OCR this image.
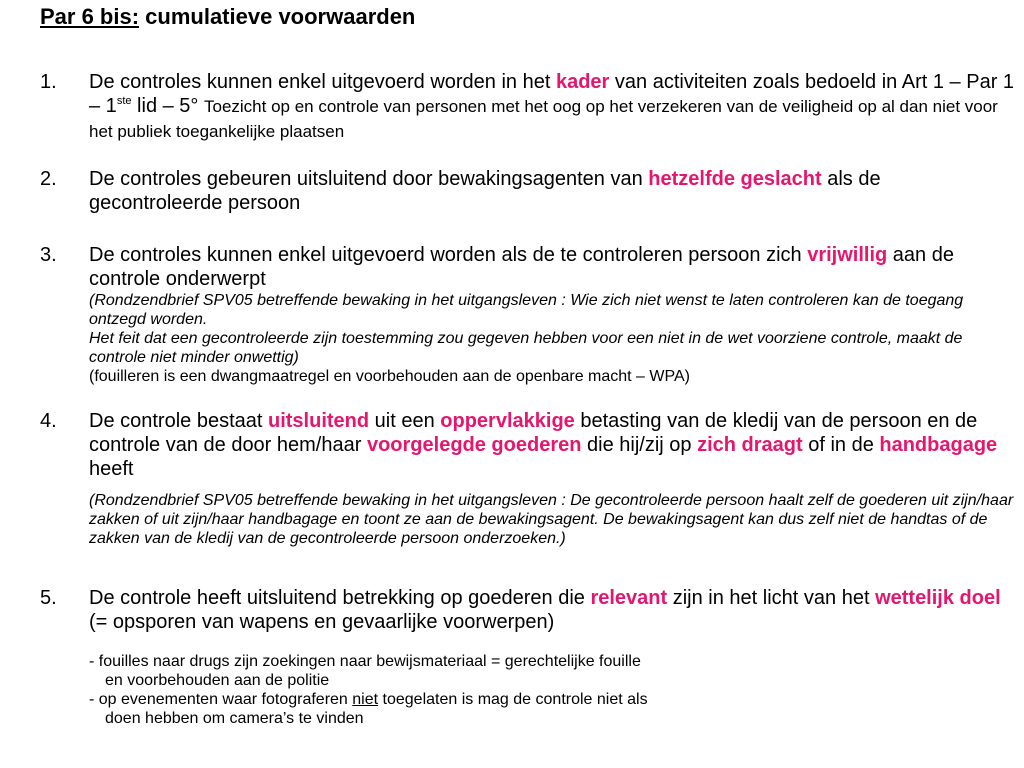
Par 6 bis: cumulatieve voorwaarden
1. De controles kunnen enkel uitgevoerd worden in het kader van activiteiten zoals bedoeld in Art 1 – Par 1 – 1ste lid – 5° Toezicht op en controle van personen met het oog op het verzekeren van de veiligheid op al dan niet voor het publiek toegankelijke plaatsen

2. De controles gebeuren uitsluitend door bewakingsagenten van hetzelfde geslacht als de gecontroleerde persoon

3. De controles kunnen enkel uitgevoerd worden als de te controleren persoon zich vrijwillig aan de controle onderwerpt

(Rondzendbrief SPV05 betreffende bewaking in het uitgangsleven : Wie zich niet wenst te laten controleren kan de toegang ontzegd worden.

Het feit dat een gecontroleerde zijn toestemming zou gegeven hebben voor een niet in de wet voorziene controle, maakt de controle niet minder onwettig)

(fouilleren is een dwangmaatregel en voorbehouden aan de openbare macht – WPA)

4. De controle bestaat uitsluitend uit een oppervlakkige betasting van de kledij van de persoon en de controle van de door hem/haar voorgelegde goederen die hij/zij op zich draagt of in de handbagage heeft

(Rondzendbrief SPV05 betreffende bewaking in het uitgangsleven : De gecontroleerde persoon haalt zelf de goederen uit zijn/haar zakken of uit zijn/haar handbagage en toont ze aan de bewakingsagent. De bewakingsagent kan dus zelf niet de handtas of de zakken van de kledij van de gecontroleerde persoon onderzoeken.)

5. De controle heeft uitsluitend betrekking op goederen die relevant zijn in het licht van het wettelijk doel (= opsporen van wapens en gevaarlijke voorwerpen)

- fouilles naar drugs zijn zoekingen naar bewijsmateriaal = gerechtelijke fouille
en voorbehouden aan de politie
- op evenementen waar fotograferen niet toegelaten is mag de controle niet als
doen hebben om camera’s te vinden
